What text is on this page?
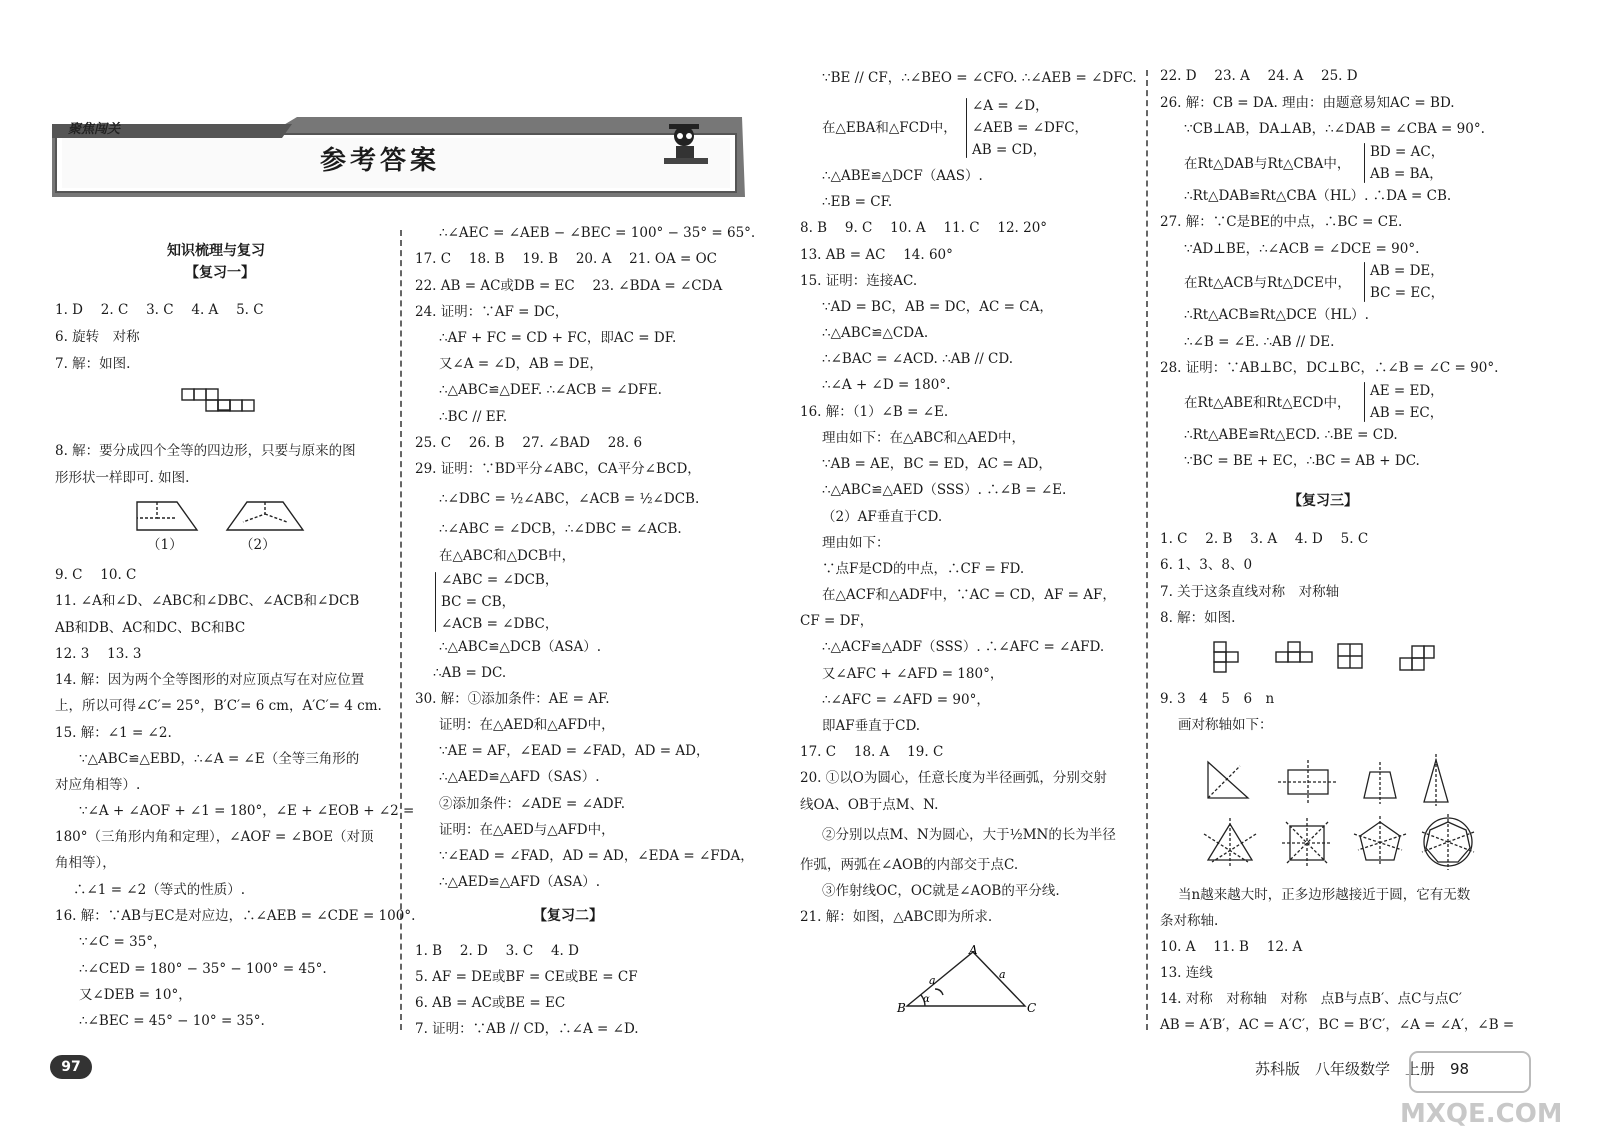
聚焦闯关
参考答案
知识梳理与复习
【复习一】
1. D　 2. C　 3. C　 4. A　 5. C
6. 旋转　对称
7. 解：如图.
8. 解：要分成四个全等的四边形，只要与原来的图
形形状一样即可. 如图.
（1）	（2）
9. C　 10. C
11. ∠A和∠D、∠ABC和∠DBC、∠ACB和∠DCB
AB和DB、AC和DC、BC和BC
12. 3　 13. 3
14. 解：因为两个全等图形的对应顶点写在对应位置
上，所以可得∠C′= 25°，B′C′= 6 cm，A′C′= 4 cm.
15. 解：∠1 = ∠2.
∵△ABC≌△EBD，∴∠A = ∠E（全等三角形的
对应角相等）.
∵∠A + ∠AOF + ∠1 = 180°，∠E + ∠EOB + ∠2 =
180°（三角形内角和定理），∠AOF = ∠BOE（对顶
角相等），
∴∠1 = ∠2（等式的性质）.
16. 解：∵AB与EC是对应边，∴∠AEB = ∠CDE = 100°.
∵∠C = 35°，
∴∠CED = 180° − 35° − 100° = 45°.
又∠DEB = 10°，
∴∠BEC = 45° − 10° = 35°.
∴∠AEC = ∠AEB − ∠BEC = 100° − 35° = 65°.
17. C　 18. B　 19. B　 20. A　 21. OA = OC
22. AB = AC或DB = EC　 23. ∠BDA = ∠CDA
24. 证明：∵AF = DC，
∴AF + FC = CD + FC，即AC = DF.
又∠A = ∠D，AB = DE，
∴△ABC≌△DEF. ∴∠ACB = ∠DFE.
∴BC // EF.
25. C　 26. B　 27. ∠BAD　 28. 6
29. 证明：∵BD平分∠ABC，CA平分∠BCD，
∴∠DBC = ½∠ABC，∠ACB = ½∠DCB.
∴∠ABC = ∠DCB，∴∠DBC = ∠ACB.
在△ABC和△DCB中，
∠ABC = ∠DCB，
BC = CB，
∠ACB = ∠DBC，
∴△ABC≌△DCB（ASA）.
∴AB = DC.
30. 解：①添加条件：AE = AF.
证明：在△AED和△AFD中，
∵AE = AF，∠EAD = ∠FAD，AD = AD，
∴△AED≌△AFD（SAS）.
②添加条件：∠ADE = ∠ADF.
证明：在△AED与△AFD中，
∵∠EAD = ∠FAD，AD = AD，∠EDA = ∠FDA，
∴△AED≌△AFD（ASA）.
【复习二】
1. B　 2. D　 3. C　 4. D
5. AF = DE或BF = CE或BE = CF
6. AB = AC或BE = EC
7. 证明：∵AB // CD，∴∠A = ∠D.
∵BE // CF，∴∠BEO = ∠CFO. ∴∠AEB = ∠DFC.
∠A = ∠D，
在△EBA和△FCD中， ∠AEB = ∠DFC，
AB = CD，
∴△ABE≌△DCF（AAS）.
∴EB = CF.
8. B　 9. C　 10. A　 11. C　 12. 20°
13. AB = AC　 14. 60°
15. 证明：连接AC.
∵AD = BC，AB = DC，AC = CA，
∴△ABC≌△CDA.
∴∠BAC = ∠ACD. ∴AB // CD.
∴∠A + ∠D = 180°.
16. 解：（1）∠B = ∠E.
理由如下：在△ABC和△AED中，
∵AB = AE，BC = ED，AC = AD，
∴△ABC≌△AED（SSS）. ∴∠B = ∠E.
（2）AF垂直于CD.
理由如下：
∵点F是CD的中点，∴CF = FD.
在△ACF和△ADF中，∵AC = CD，AF = AF，
CF = DF，
∴△ACF≌△ADF（SSS）. ∴∠AFC = ∠AFD.
又∠AFC + ∠AFD = 180°，
∴∠AFC = ∠AFD = 90°，
即AF垂直于CD.
17. C　 18. A　 19. C
20. ①以O为圆心，任意长度为半径画弧，分别交射
线OA、OB于点M、N.
②分别以点M、N为圆心，大于½MN的长为半径
作弧，两弧在∠AOB的内部交于点C.
③作射线OC，OC就是∠AOB的平分线.
21. 解：如图，△ABC即为所求.
B
A
C
a	a
α
22. D　 23. A　 24. A　 25. D
26. 解：CB = DA. 理由：由题意易知AC = BD.
∵CB⊥AB，DA⊥AB，∴∠DAB = ∠CBA = 90°.
在Rt△DAB与Rt△CBA中，
BD = AC，
AB = BA，
∴Rt△DAB≌Rt△CBA（HL）. ∴DA = CB.
27. 解：∵C是BE的中点，∴BC = CE.
∵AD⊥BE，∴∠ACB = ∠DCE = 90°.
在Rt△ACB与Rt△DCE中，
AB = DE，
BC = EC，
∴Rt△ACB≌Rt△DCE（HL）.
∴∠B = ∠E. ∴AB // DE.
28. 证明：∵AB⊥BC，DC⊥BC，∴∠B = ∠C = 90°.
在Rt△ABE和Rt△ECD中，
AE = ED，
AB = EC，
∴Rt△ABE≌Rt△ECD. ∴BE = CD.
∵BC = BE + EC，∴BC = AB + DC.
【复习三】
1. C　 2. B　 3. A　 4. D　 5. C
6. 1、3、8、0
7. 关于这条直线对称　对称轴
8. 解：如图.
9. 3　4　5　6　n
画对称轴如下：
当n越来越大时，正多边形越接近于圆，它有无数
条对称轴.
10. A　 11. B　 12. A
13. 连线
14. 对称　对称轴　对称　点B与点B′、点C与点C′
AB = A′B′，AC = A′C′，BC = B′C′，∠A = ∠A′，∠B =
97	苏科版　八年级数学　上册　98
MXQE.COM
